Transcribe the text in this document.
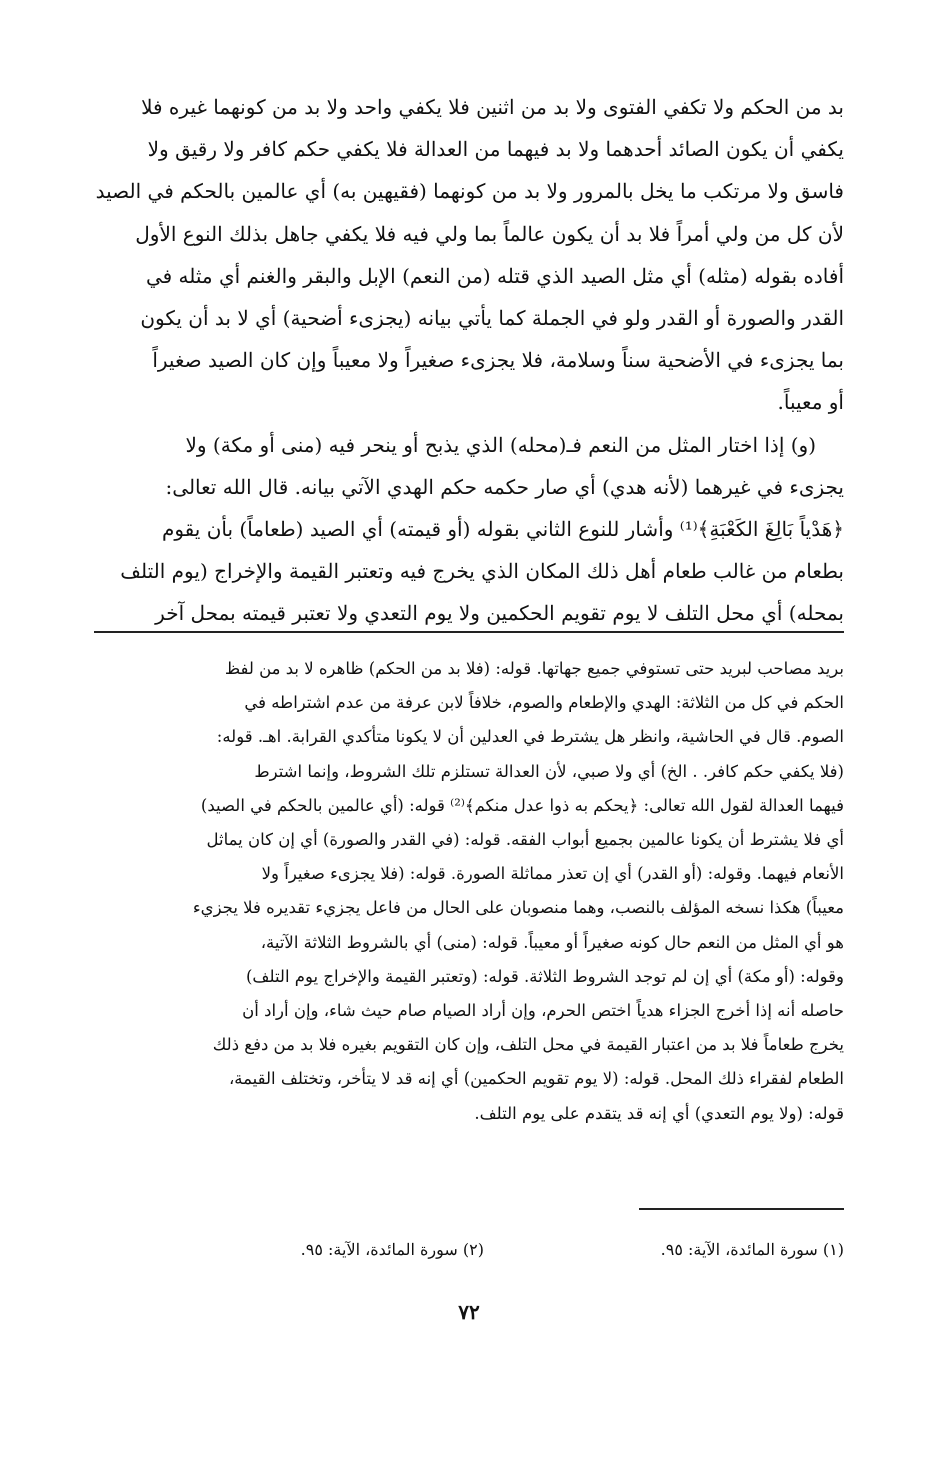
بد من الحكم ولا تكفي الفتوى ولا بد من اثنين فلا يكفي واحد ولا بد من كونهما غيره فلا

يكفي أن يكون الصائد أحدهما ولا بد فيهما من العدالة فلا يكفي حكم كافر ولا رقيق ولا

فاسق ولا مرتكب ما يخل بالمرور ولا بد من كونهما (فقيهين به) أي عالمين بالحكم في الصيد

لأن كل من ولي أمراً فلا بد أن يكون عالماً بما ولي فيه فلا يكفي جاهل بذلك النوع الأول

أفاده بقوله (مثله) أي مثل الصيد الذي قتله (من النعم) الإبل والبقر والغنم أي مثله في

القدر والصورة أو القدر ولو في الجملة كما يأتي بيانه (يجزىء أضحية) أي لا بد أن يكون

بما يجزىء في الأضحية سناً وسلامة، فلا يجزىء صغيراً ولا معيباً وإن كان الصيد صغيراً

أو معيباً.

(و) إذا اختار المثل من النعم فـ(محله) الذي يذبح أو ينحر فيه (منى أو مكة) ولا

يجزىء في غيرهما (لأنه هدي) أي صار حكمه حكم الهدي الآتي بيانه. قال الله تعالى:

﴿هَدْياً بَالِغَ الكَعْبَةِ﴾⁽¹⁾ وأشار للنوع الثاني بقوله (أو قيمته) أي الصيد (طعاماً) بأن يقوم

بطعام من غالب طعام أهل ذلك المكان الذي يخرج فيه وتعتبر القيمة والإخراج (يوم التلف

بمحله) أي محل التلف لا يوم تقويم الحكمين ولا يوم التعدي ولا تعتبر قيمته بمحل آخر

بريد مصاحب لبريد حتى تستوفي جميع جهاتها. قوله: (فلا بد من الحكم) ظاهره لا بد من لفظ

الحكم في كل من الثلاثة: الهدي والإطعام والصوم، خلافاً لابن عرفة من عدم اشتراطه في

الصوم. قال في الحاشية، وانظر هل يشترط في العدلين أن لا يكونا متأكدي القرابة. اهـ. قوله:

(فلا يكفي حكم كافر. . الخ) أي ولا صبي، لأن العدالة تستلزم تلك الشروط، وإنما اشترط

فيهما العدالة لقول الله تعالى: ﴿يحكم به ذوا عدل منكم﴾⁽²⁾ قوله: (أي عالمين بالحكم في الصيد)

أي فلا يشترط أن يكونا عالمين بجميع أبواب الفقه. قوله: (في القدر والصورة) أي إن كان يماثل

الأنعام فيهما. وقوله: (أو القدر) أي إن تعذر مماثلة الصورة. قوله: (فلا يجزىء صغيراً ولا

معيباً) هكذا نسخه المؤلف بالنصب، وهما منصوبان على الحال من فاعل يجزيء تقديره فلا يجزيء

هو أي المثل من النعم حال كونه صغيراً أو معيباً. قوله: (منى) أي بالشروط الثلاثة الآتية،

وقوله: (أو مكة) أي إن لم توجد الشروط الثلاثة. قوله: (وتعتبر القيمة والإخراج يوم التلف)

حاصله أنه إذا أخرج الجزاء هدياً اختص الحرم، وإن أراد الصيام صام حيث شاء، وإن أراد أن

يخرج طعاماً فلا بد من اعتبار القيمة في محل التلف، وإن كان التقويم بغيره فلا بد من دفع ذلك

الطعام لفقراء ذلك المحل. قوله: (لا يوم تقويم الحكمين) أي إنه قد لا يتأخر، وتختلف القيمة،

قوله: (ولا يوم التعدي) أي إنه قد يتقدم على يوم التلف.

(١) سورة المائدة، الآية: ٩٥.
(٢) سورة المائدة، الآية: ٩٥.
٧٢
